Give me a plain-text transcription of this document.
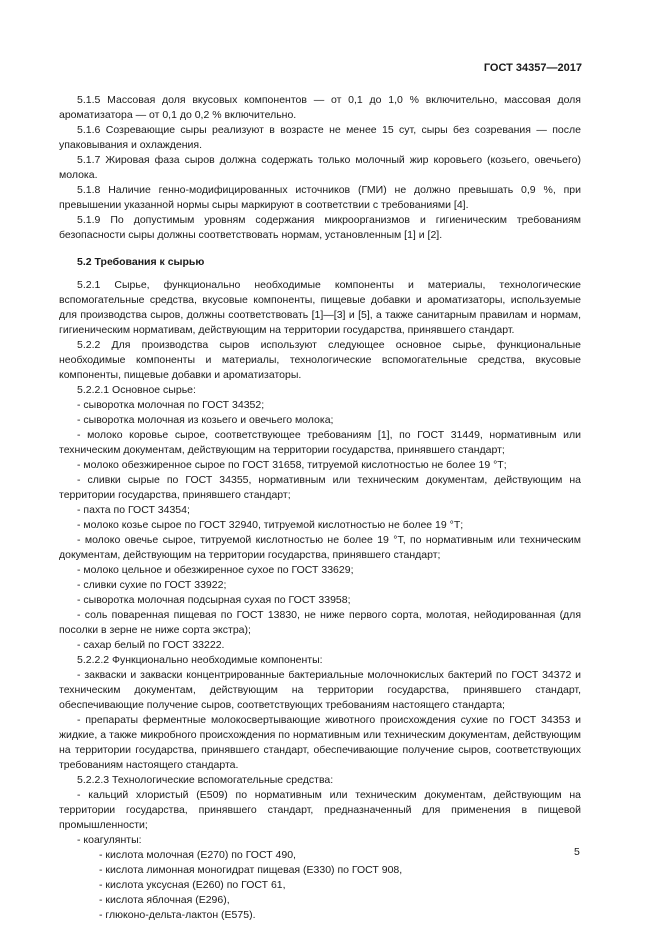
ГОСТ 34357—2017

5.1.5 Массовая доля вкусовых компонентов — от 0,1 до 1,0 % включительно, массовая доля ароматизатора — от 0,1 до 0,2 % включительно.

5.1.6 Созревающие сыры реализуют в возрасте не менее 15 сут, сыры без созревания — после упаковывания и охлаждения.

5.1.7 Жировая фаза сыров должна содержать только молочный жир коровьего (козьего, овечьего) молока.

5.1.8 Наличие генно-модифицированных источников (ГМИ) не должно превышать 0,9 %, при превышении указанной нормы сыры маркируют в соответствии с требованиями [4].

5.1.9 По допустимым уровням содержания микроорганизмов и гигиеническим требованиям безопасности сыры должны соответствовать нормам, установленным [1] и [2].

5.2 Требования к сырью

5.2.1 Сырье, функционально необходимые компоненты и материалы, технологические вспомогательные средства, вкусовые компоненты, пищевые добавки и ароматизаторы, используемые для производства сыров, должны соответствовать [1]—[3] и [5], а также санитарным правилам и нормам, гигиеническим нормативам, действующим на территории государства, принявшего стандарт.

5.2.2 Для производства сыров используют следующее основное сырье, функциональные необходимые компоненты и материалы, технологические вспомогательные средства, вкусовые компоненты, пищевые добавки и ароматизаторы.

5.2.2.1 Основное сырье:

- сыворотка молочная по ГОСТ 34352;

- сыворотка молочная из козьего и овечьего молока;

- молоко коровье сырое, соответствующее требованиям [1], по ГОСТ 31449, нормативным или техническим документам, действующим на территории государства, принявшего стандарт;

- молоко обезжиренное сырое по ГОСТ 31658, титруемой кислотностью не более 19 °Т;

- сливки сырые по ГОСТ 34355, нормативным или техническим документам, действующим на территории государства, принявшего стандарт;

- пахта по ГОСТ 34354;

- молоко козье сырое по ГОСТ 32940, титруемой кислотностью не более 19 °Т;

- молоко овечье сырое, титруемой кислотностью не более 19 °Т, по нормативным или техническим документам, действующим на территории государства, принявшего стандарт;

- молоко цельное и обезжиренное сухое по ГОСТ 33629;

- сливки сухие по ГОСТ 33922;

- сыворотка молочная подсырная сухая по ГОСТ 33958;

- соль поваренная пищевая по ГОСТ 13830, не ниже первого сорта, молотая, нейодированная (для посолки в зерне не ниже сорта экстра);

- сахар белый по ГОСТ 33222.

5.2.2.2 Функционально необходимые компоненты:

- закваски и закваски концентрированные бактериальные молочнокислых бактерий по ГОСТ 34372 и техническим документам, действующим на территории государства, принявшего стандарт, обеспечивающие получение сыров, соответствующих требованиям настоящего стандарта;

- препараты ферментные молокосвертывающие животного происхождения сухие по ГОСТ 34353 и жидкие, а также микробного происхождения по нормативным или техническим документам, действующим на территории государства, принявшего стандарт, обеспечивающие получение сыров, соответствующих требованиям настоящего стандарта.

5.2.2.3 Технологические вспомогательные средства:

- кальций хлористый (Е509) по нормативным или техническим документам, действующим на территории государства, принявшего стандарт, предназначенный для применения в пищевой промышленности;

- коагулянты:

- кислота молочная (Е270) по ГОСТ 490,

- кислота лимонная моногидрат пищевая (Е330) по ГОСТ 908,

- кислота уксусная (Е260) по ГОСТ 61,

- кислота яблочная (Е296),

- глюконо-дельта-лактон (Е575).

5
